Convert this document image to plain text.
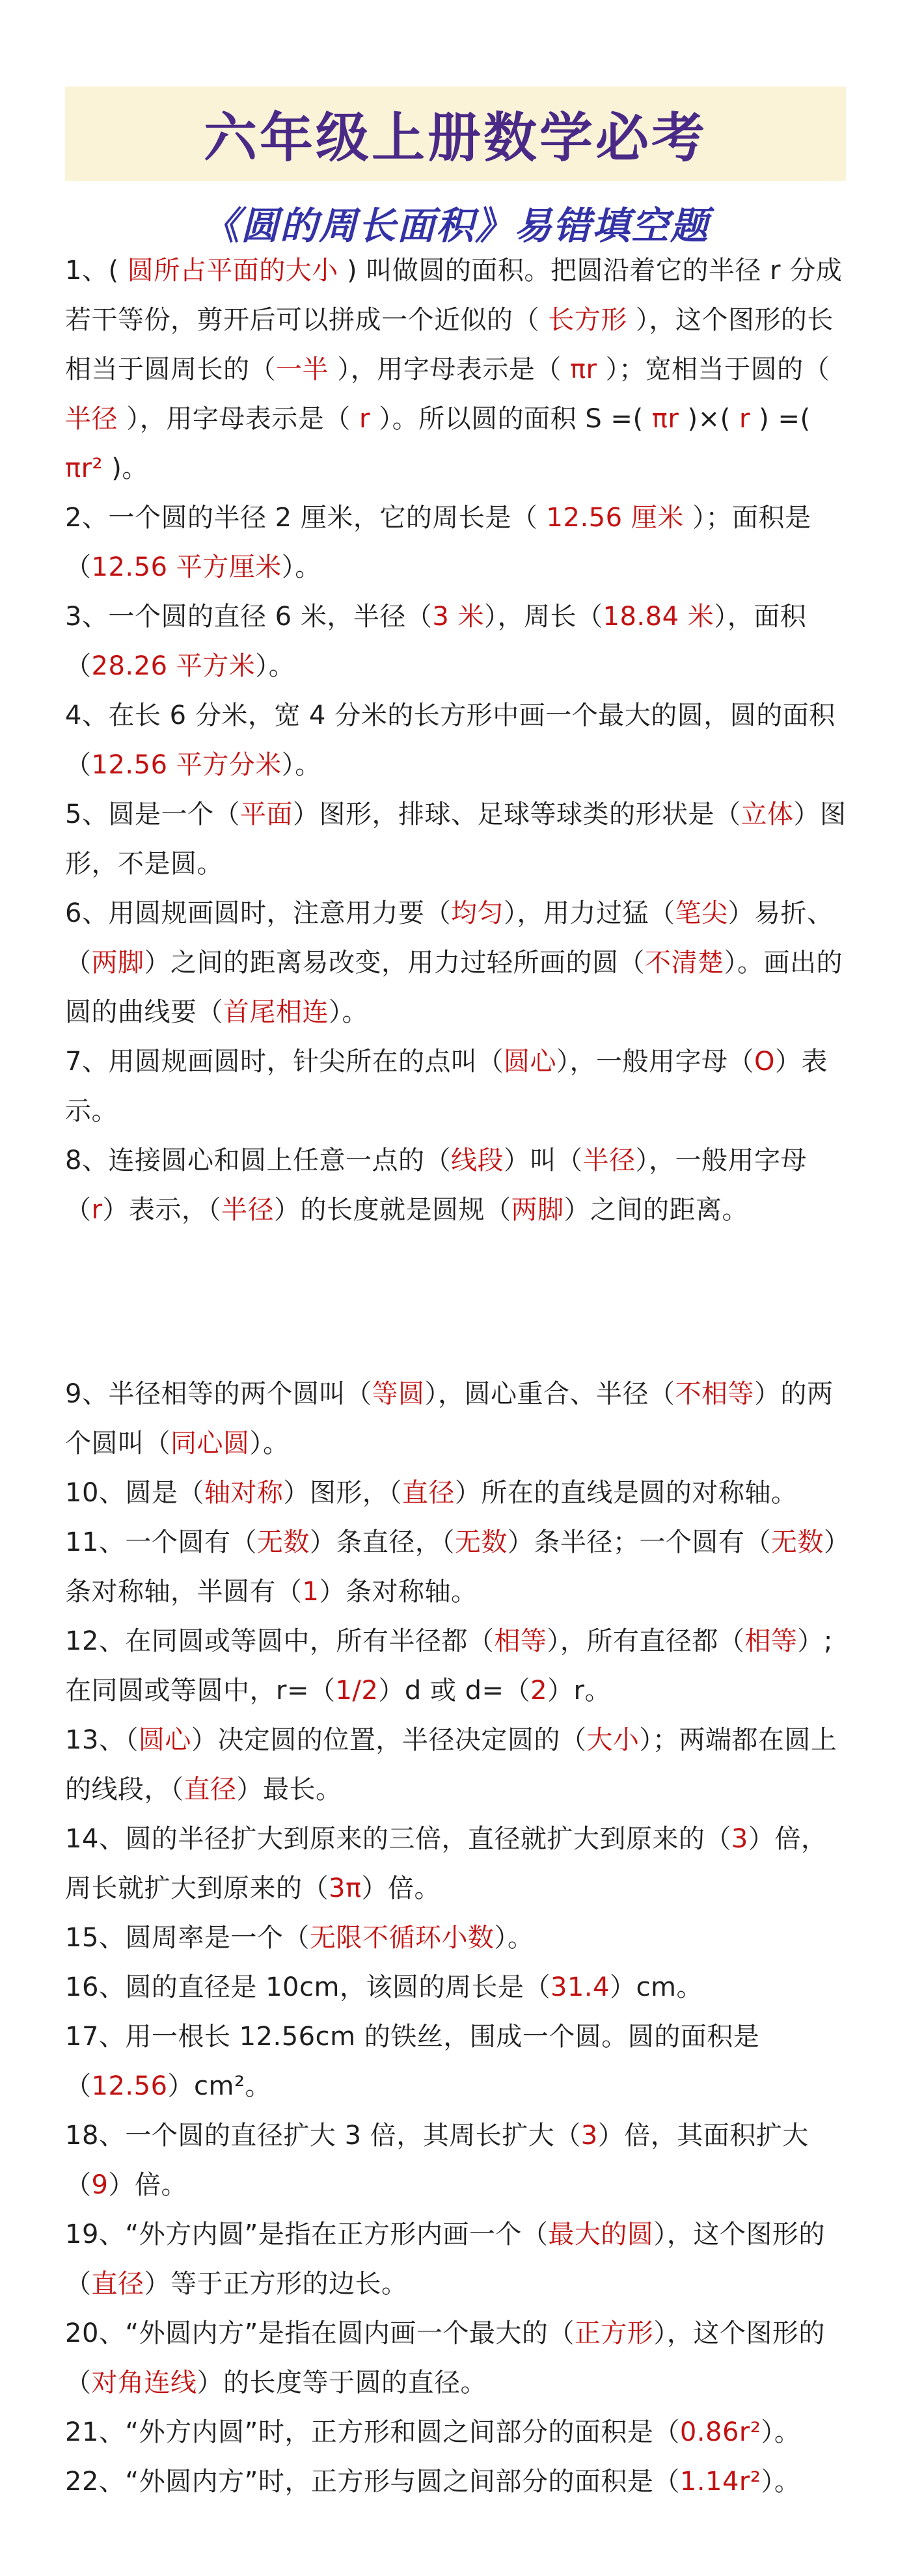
六年级上册数学必考
《圆的周长面积》易错填空题

1、( 圆所占平面的大小 ) 叫做圆的面积。把圆沿着它的半径 r 分成若干等份，剪开后可以拼成一个近似的（ 长方形 ），这个图形的长相当于圆周长的（一半 ），用字母表示是（ πr ）；宽相当于圆的（ 半径 ），用字母表示是（ r ）。所以圆的面积 S =( πr )×( r ) =( πr² )。

2、一个圆的半径 2 厘米，它的周长是（ 12.56 厘米 ）；面积是（12.56 平方厘米）。

3、一个圆的直径 6 米，半径（3 米），周长（18.84 米），面积（28.26 平方米）。

4、在长 6 分米，宽 4 分米的长方形中画一个最大的圆，圆的面积（12.56 平方分米）。

5、圆是一个（平面）图形，排球、足球等球类的形状是（立体）图形，不是圆。

6、用圆规画圆时，注意用力要（均匀），用力过猛（笔尖）易折、（两脚）之间的距离易改变，用力过轻所画的圆（不清楚）。画出的圆的曲线要（首尾相连）。

7、用圆规画圆时，针尖所在的点叫（圆心），一般用字母（O）表示。

8、连接圆心和圆上任意一点的（线段）叫（半径），一般用字母（r）表示，（半径）的长度就是圆规（两脚）之间的距离。

9、半径相等的两个圆叫（等圆），圆心重合、半径（不相等）的两个圆叫（同心圆）。

10、圆是（轴对称）图形，（直径）所在的直线是圆的对称轴。

11、一个圆有（无数）条直径，（无数）条半径；一个圆有（无数）条对称轴，半圆有（1）条对称轴。

12、在同圆或等圆中，所有半径都（相等），所有直径都（相等）;在同圆或等圆中，r=（1/2）d 或 d=（2）r。

13、（圆心）决定圆的位置，半径决定圆的（大小）；两端都在圆上的线段，（直径）最长。

14、圆的半径扩大到原来的三倍，直径就扩大到原来的（3）倍，周长就扩大到原来的（3π）倍。

15、圆周率是一个（无限不循环小数）。

16、圆的直径是 10cm，该圆的周长是（31.4）cm。

17、用一根长 12.56cm 的铁丝，围成一个圆。圆的面积是（12.56）cm²。

18、一个圆的直径扩大 3 倍，其周长扩大（3）倍，其面积扩大（9）倍。

19、“外方内圆”是指在正方形内画一个（最大的圆），这个图形的（直径）等于正方形的边长。

20、“外圆内方”是指在圆内画一个最大的（正方形），这个图形的（对角连线）的长度等于圆的直径。

21、“外方内圆”时，正方形和圆之间部分的面积是（0.86r²）。

22、“外圆内方”时，正方形与圆之间部分的面积是（1.14r²）。
